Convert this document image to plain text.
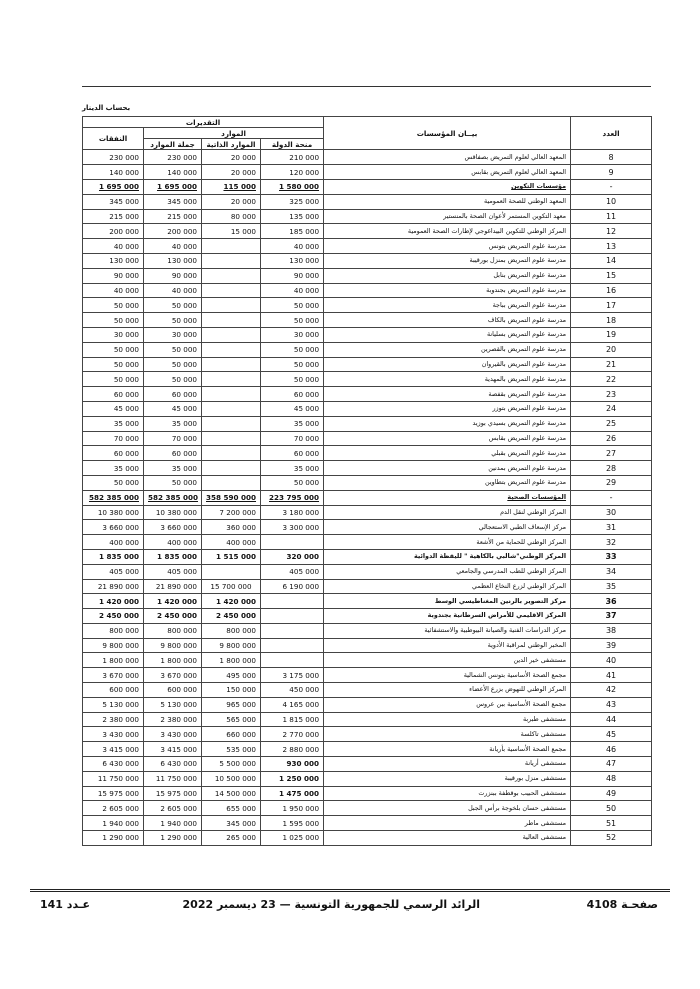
بحساب الدينار
التقديرات				بيــان المؤسسات	العدد
النفقات	الموارد				
	جملة الموارد	الموارد الذاتية	منحة الدولة		
230 000	230 000	20 000	210 000	المعهد العالي لعلوم التمريض بصفاقس	8
140 000	140 000	20 000	120 000	المعهد العالي لعلوم التمريض بقابس	9
1 695 000	1 695 000	115 000	1 580 000	مؤسسات التكوين	-
345 000	345 000	20 000	325 000	المعهد الوطني للصحة العمومية	10
215 000	215 000	80 000	135 000	معهد التكوين المستمر لأعوان الصحة بالمنستير	11
200 000	200 000	15 000	185 000	المركز الوطني للتكوين البيداغوجي لإطارات الصحة العمومية	12
40 000	40 000		40 000	مدرسة علوم التمريض بتونس	13
130 000	130 000		130 000	مدرسة علوم التمريض بمنزل بورقيبة	14
90 000	90 000		90 000	مدرسة علوم التمريض بنابل	15
40 000	40 000		40 000	مدرسة علوم التمريض بجندوبة	16
50 000	50 000		50 000	مدرسة علوم التمريض بباجة	17
50 000	50 000		50 000	مدرسة علوم التمريض بالكاف	18
30 000	30 000		30 000	مدرسة علوم التمريض بسليانة	19
50 000	50 000		50 000	مدرسة علوم التمريض بالقصرين	20
50 000	50 000		50 000	مدرسة علوم التمريض بالقيروان	21
50 000	50 000		50 000	مدرسة علوم التمريض بالمهدية	22
60 000	60 000		60 000	مدرسة علوم التمريض بقفصة	23
45 000	45 000		45 000	مدرسة علوم التمريض بتوزر	24
35 000	35 000		35 000	مدرسة علوم التمريض بسيدي بوزيد	25
70 000	70 000		70 000	مدرسة علوم التمريض بقابس	26
60 000	60 000		60 000	مدرسة علوم التمريض بقبلي	27
35 000	35 000		35 000	مدرسة علوم التمريض بمدنين	28
50 000	50 000		50 000	مدرسة علوم التمريض بتطاوين	29
582 385 000	582 385 000	358 590 000	223 795 000	المؤسسات الصحية	-
10 380 000	10 380 000	7 200 000	3 180 000	المركز الوطني لنقل الدم	30
3 660 000	3 660 000	360 000	3 300 000	مركز الإسعاف الطبي الاستعجالي	31
400 000	400 000	400 000		المركز الوطني للحماية من الأشعة	32
1 835 000	1 835 000	1 515 000	320 000	المركز الوطني"شالبي بالكاهية " لليقظة الدوائية	33
405 000	405 000		405 000	المركز الوطني للطب المدرسي والجامعي	34
21 890 000	21 890 000	15 700 000	6 190 000	المركز الوطني لزرع النخاع العظمي	35
1 420 000	1 420 000	1 420 000		مركز التصوير بالرنين المغناطيسي الوسط	36
2 450 000	2 450 000	2 450 000		المركز الاقليمي للأمراض السرطانية بجندوبة	37
800 000	800 000	800 000		مركز الدراسات الفنية والصيانة البيوطبية والاستشفائية	38
9 800 000	9 800 000	9 800 000		المخبر الوطني لمراقبة الأدوية	39
1 800 000	1 800 000	1 800 000		مستشفى خير الدين	40
3 670 000	3 670 000	495 000	3 175 000	مجمع الصحة الأساسية بتونس الشمالية	41
600 000	600 000	150 000	450 000	المركز الوطني للنهوض بزرع الأعضاء	42
5 130 000	5 130 000	965 000	4 165 000	مجمع الصحة الأساسية ببن عروس	43
2 380 000	2 380 000	565 000	1 815 000	مستشفى طبربة	44
3 430 000	3 430 000	660 000	2 770 000	مستشفى تاكلسة	45
3 415 000	3 415 000	535 000	2 880 000	مجمع الصحة الأساسية بأريانة	46
6 430 000	6 430 000	5 500 000	930 000	مستشفى أريانة	47
11 750 000	11 750 000	10 500 000	1 250 000	مستشفى منزل بورقيبة	48
15 975 000	15 975 000	14 500 000	1 475 000	مستشفى الحبيب بوقطفة ببنزرت	49
2 605 000	2 605 000	655 000	1 950 000	مستشفى حسان بلخوجة برأس الجبل	50
1 940 000	1 940 000	345 000	1 595 000	مستشفى ماطر	51
1 290 000	1 290 000	265 000	1 025 000	مستشفى العالية	52
عـدد 141	الرائد الرسمي للجمهورية التونسية — 23 ديسمبر 2022	صفحـة 4108
